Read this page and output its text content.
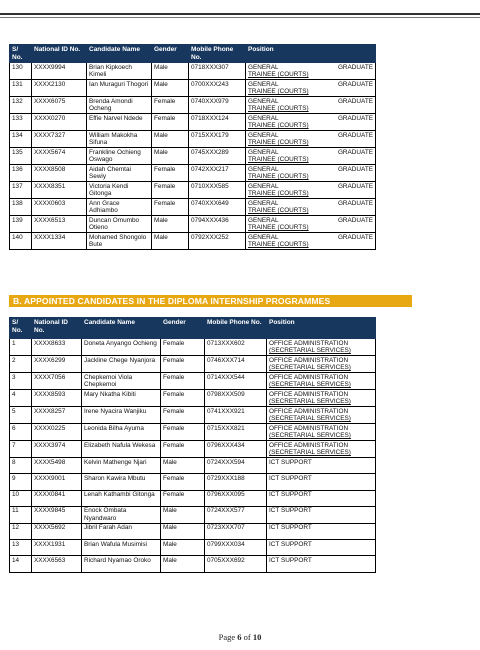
S/ No.	National ID No.	Candidate Name	Gender	Mobile Phone No.	Position
130	XXXX9994	Brian Kipkoech Kimeli	Male	0718XXX307	GENERAL GRADUATE
TRAINEE (COURTS)

131	XXXX2130	Ian Muraguri Thogori	Male	0700XXX243	GENERAL GRADUATE
TRAINEE (COURTS)

132	XXXX6075	Brenda Amondi Ocheng	Female	0740XXX979	GENERAL GRADUATE
TRAINEE (COURTS)

133	XXXX0270	Effie Narvel Ndede	Female	0718XXX124	GENERAL GRADUATE
TRAINEE (COURTS)

134	XXXX7327	William Makokha Sifuna	Male	0715XXX179	GENERAL GRADUATE
TRAINEE (COURTS)

135	XXXX5674	Frankline Ochieng Oswago	Male	0745XXX289	GENERAL GRADUATE
TRAINEE (COURTS)

136	XXXX8508	Aidah Chemtai Sewiy	Female	0742XXX217	GENERAL GRADUATE
TRAINEE (COURTS)

137	XXXX8351	Victoria Kendi Gitonga	Female	0710XXX585	GENERAL GRADUATE
TRAINEE (COURTS)

138	XXXX0603	Ann Grace Adhiambo	Female	0740XXX649	GENERAL GRADUATE
TRAINEE (COURTS)

139	XXXX6513	Duncan Omumbo Otieno	Male	0794XXX436	GENERAL GRADUATE
TRAINEE (COURTS)

140	XXXX1334	Mohamed Shongolo Bute	Male	0792XXX252	GENERAL GRADUATE
TRAINEE (COURTS)
B. APPOINTED CANDIDATES IN THE DIPLOMA INTERNSHIP PROGRAMMES
S/ No.	National ID No.	Candidate Name	Gender	Mobile Phone No.	Position
1	XXXX8633	Doneta Anyango Ochieng	Female	0713XXX602	OFFICE ADMINISTRATION
(SECRETARIAL SERVICES)

2	XXXX6299	Jackline Chege Nyanjora	Female	0746XXX714	OFFICE ADMINISTRATION
(SECRETARIAL SERVICES)

3	XXXX7056	Chepkemoi Viola Chepkemoi	Female	0714XXX544	OFFICE ADMINISTRATION
(SECRETARIAL SERVICES)

4	XXXX8593	Mary Nkatha Kibiti	Female	0798XXX509	OFFICE ADMINISTRATION
(SECRETARIAL SERVICES)

5	XXXX8257	Irene Nyacira Wanjiku	Female	0741XXX921	OFFICE ADMINISTRATION
(SECRETARIAL SERVICES)

6	XXXX0225	Leonida Bilha Ayuma	Female	0715XXX821	OFFICE ADMINISTRATION
(SECRETARIAL SERVICES)

7	XXXX3974	Elizabeth Nafula Wekesa	Female	0796XXX434	OFFICE ADMINISTRATION
(SECRETARIAL SERVICES)

8	XXXX5498	Kelvin Mathenge Njari	Male	0724XXX594	ICT SUPPORT

9	XXXX9001	Sharon Kawira Mbutu	Female	0729XXX188	ICT SUPPORT

10	XXXX0841	Lenah Kathambi Gitonga	Female	0796XXX095	ICT SUPPORT

11	XXXX9845	Enock Ombata Nyandwaro	Male	0724XXX577	ICT SUPPORT

12	XXXX5692	Jibril Farah Adan	Male	0723XXX707	ICT SUPPORT

13	XXXX1931	Brian Wafula Musimisi	Male	0799XXX034	ICT SUPPORT

14	XXXX6563	Richard Nyamao Oroko	Male	0705XXX692	ICT SUPPORT
Page 6 of 10
